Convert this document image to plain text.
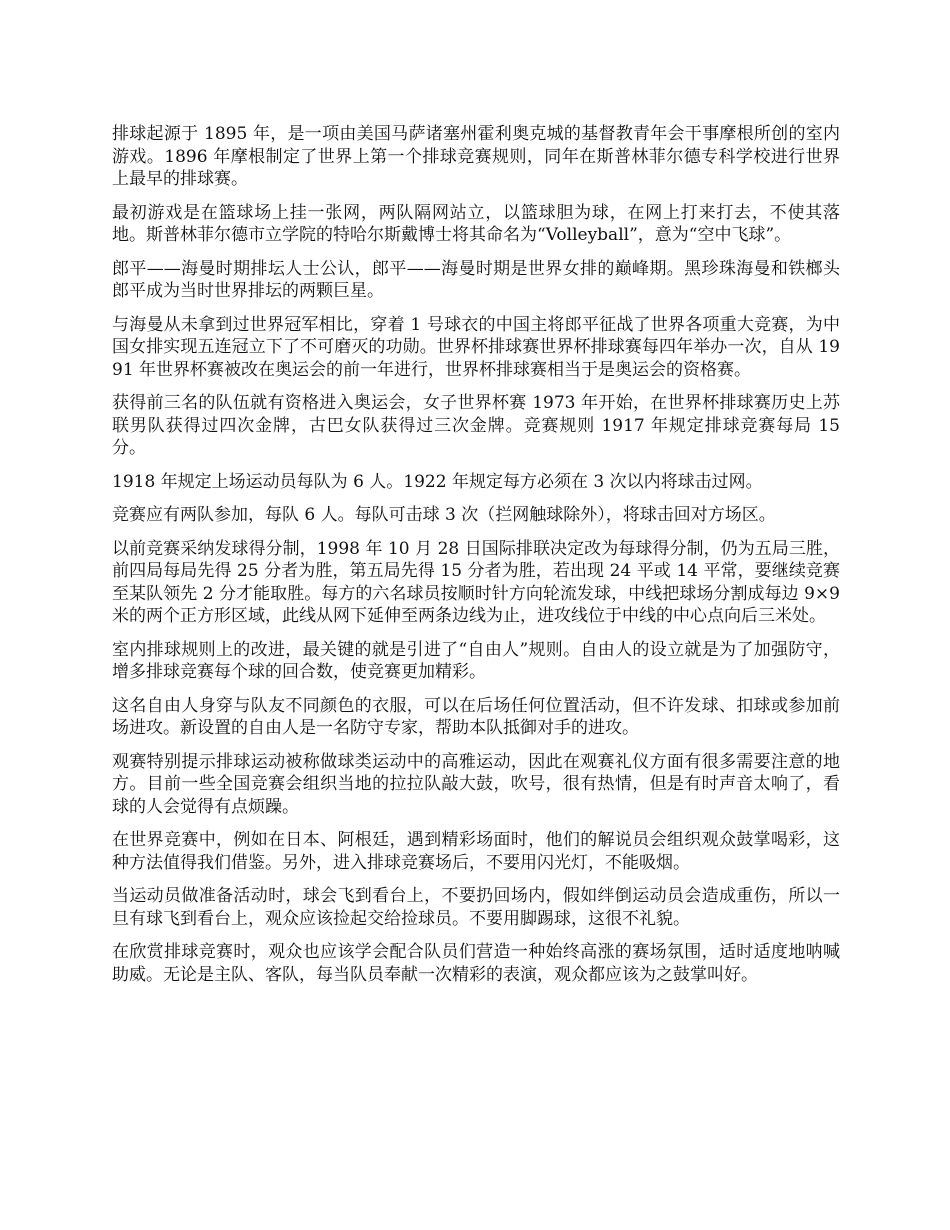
排球起源于 1895 年，是一项由美国马萨诸塞州霍利奥克城的基督教青年会干事摩根所创的室内游戏。1896 年摩根制定了世界上第一个排球竞赛规则，同年在斯普林菲尔德专科学校进行世界上最早的排球赛。

最初游戏是在篮球场上挂一张网，两队隔网站立，以篮球胆为球，在网上打来打去，不使其落地。斯普林菲尔德市立学院的特哈尔斯戴博士将其命名为“Volleyball”，意为“空中飞球”。

郎平——海曼时期排坛人士公认，郎平——海曼时期是世界女排的巅峰期。黑珍珠海曼和铁榔头郎平成为当时世界排坛的两颗巨星。

与海曼从未拿到过世界冠军相比，穿着 1 号球衣的中国主将郎平征战了世界各项重大竞赛，为中国女排实现五连冠立下了不可磨灭的功勋。世界杯排球赛世界杯排球赛每四年举办一次，自从 1991 年世界杯赛被改在奥运会的前一年进行，世界杯排球赛相当于是奥运会的资格赛。

获得前三名的队伍就有资格进入奥运会，女子世界杯赛 1973 年开始，在世界杯排球赛历史上苏联男队获得过四次金牌，古巴女队获得过三次金牌。竞赛规则 1917 年规定排球竞赛每局 15 分。

1918 年规定上场运动员每队为 6 人。1922 年规定每方必须在 3 次以内将球击过网。

竞赛应有两队参加，每队 6 人。每队可击球 3 次（拦网触球除外），将球击回对方场区。

以前竞赛采纳发球得分制，1998 年 10 月 28 日国际排联决定改为每球得分制，仍为五局三胜，前四局每局先得 25 分者为胜，第五局先得 15 分者为胜，若出现 24 平或 14 平常，要继续竞赛至某队领先 2 分才能取胜。每方的六名球员按顺时针方向轮流发球，中线把球场分割成每边 9×9 米的两个正方形区域，此线从网下延伸至两条边线为止，进攻线位于中线的中心点向后三米处。

室内排球规则上的改进，最关键的就是引进了“自由人”规则。自由人的设立就是为了加强防守，增多排球竞赛每个球的回合数，使竞赛更加精彩。

这名自由人身穿与队友不同颜色的衣服，可以在后场任何位置活动，但不许发球、扣球或参加前场进攻。新设置的自由人是一名防守专家，帮助本队抵御对手的进攻。

观赛特别提示排球运动被称做球类运动中的高雅运动，因此在观赛礼仪方面有很多需要注意的地方。目前一些全国竞赛会组织当地的拉拉队敲大鼓，吹号，很有热情，但是有时声音太响了，看球的人会觉得有点烦躁。

在世界竞赛中，例如在日本、阿根廷，遇到精彩场面时，他们的解说员会组织观众鼓掌喝彩，这种方法值得我们借鉴。另外，进入排球竞赛场后，不要用闪光灯，不能吸烟。

当运动员做准备活动时，球会飞到看台上，不要扔回场内，假如绊倒运动员会造成重伤，所以一旦有球飞到看台上，观众应该捡起交给捡球员。不要用脚踢球，这很不礼貌。

在欣赏排球竞赛时，观众也应该学会配合队员们营造一种始终高涨的赛场氛围，适时适度地呐喊助威。无论是主队、客队，每当队员奉献一次精彩的表演，观众都应该为之鼓掌叫好。
